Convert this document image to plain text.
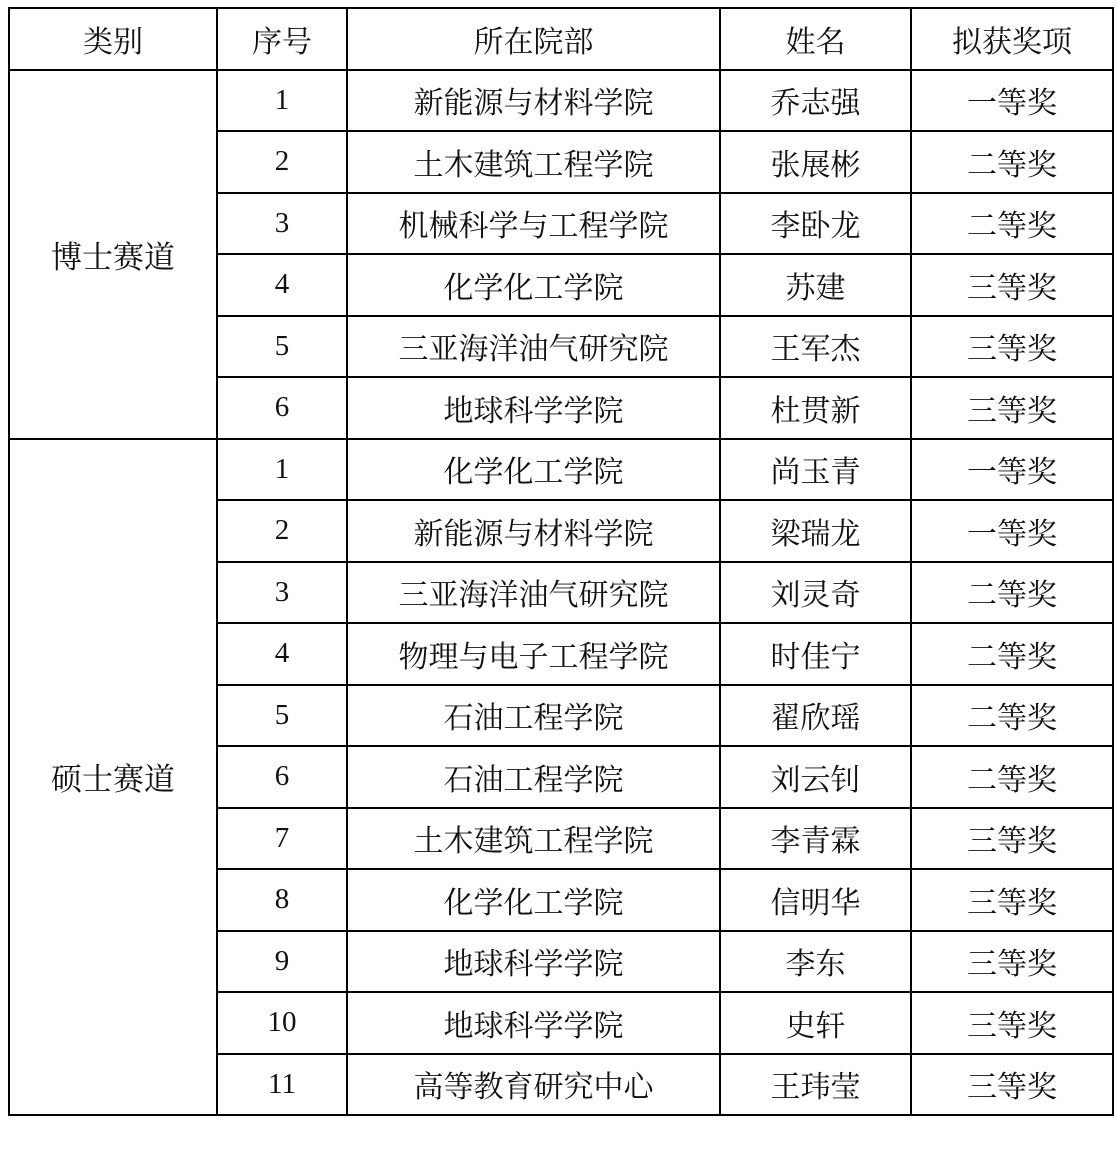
类别	序号	所在院部	姓名	拟获奖项
博士赛道	1	新能源与材料学院	乔志强	一等奖
	2	土木建筑工程学院	张展彬	二等奖
	3	机械科学与工程学院	李卧龙	二等奖
	4	化学化工学院	苏建	三等奖
	5	三亚海洋油气研究院	王军杰	三等奖
	6	地球科学学院	杜贯新	三等奖
硕士赛道	1	化学化工学院	尚玉青	一等奖
	2	新能源与材料学院	梁瑞龙	一等奖
	3	三亚海洋油气研究院	刘灵奇	二等奖
	4	物理与电子工程学院	时佳宁	二等奖
	5	石油工程学院	翟欣瑶	二等奖
	6	石油工程学院	刘云钊	二等奖
	7	土木建筑工程学院	李青霖	三等奖
	8	化学化工学院	信明华	三等奖
	9	地球科学学院	李东	三等奖
	10	地球科学学院	史轩	三等奖
	11	高等教育研究中心	王玮莹	三等奖
